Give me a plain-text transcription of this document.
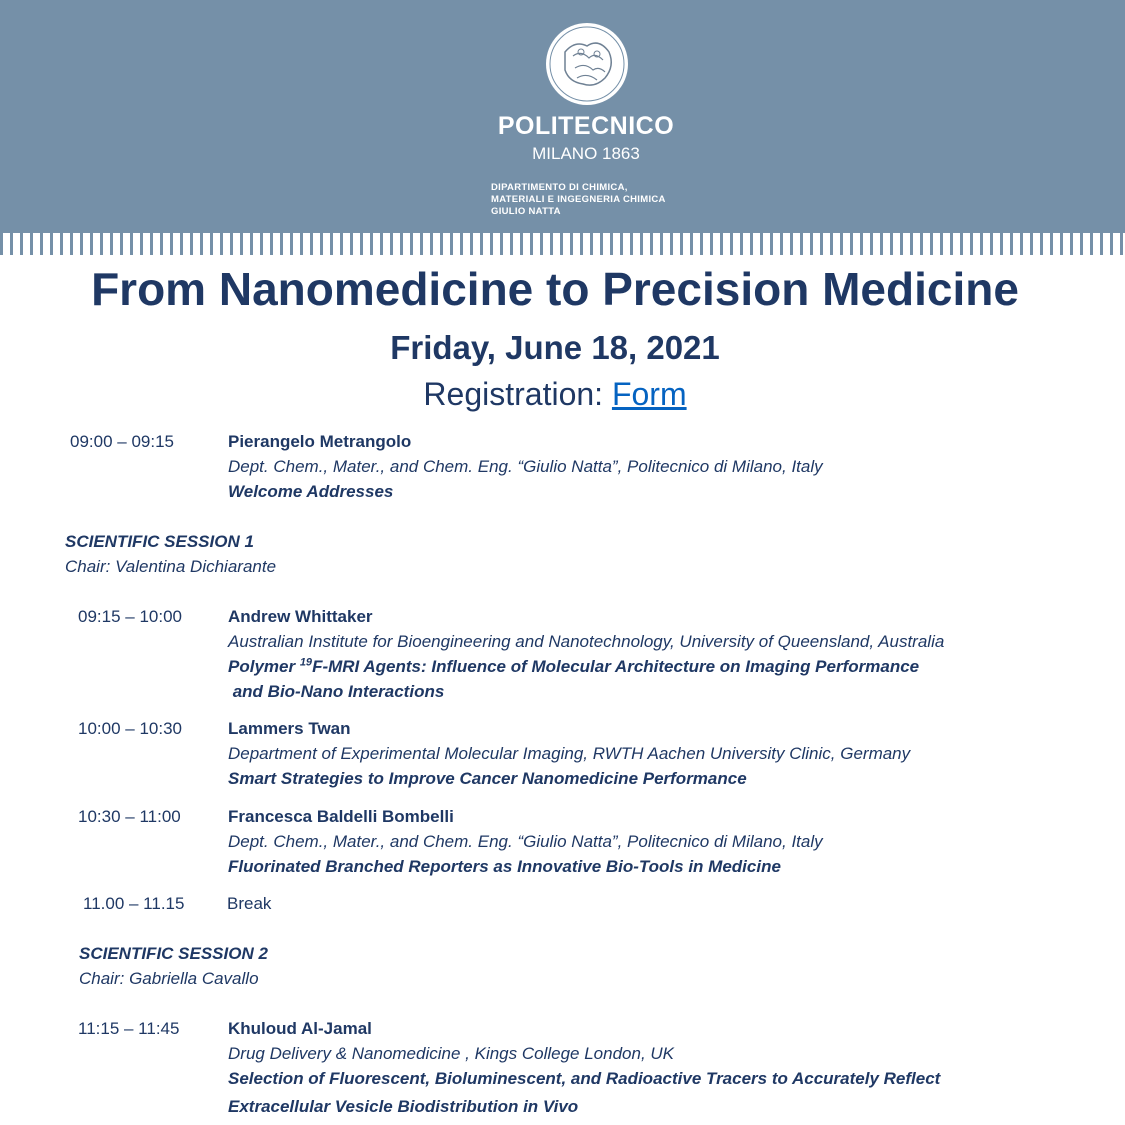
POLITECNICO
MILANO 1863
DIPARTIMENTO DI CHIMICA,
MATERIALI E INGEGNERIA CHIMICA
GIULIO NATTA
From Nanomedicine to Precision Medicine
Friday, June 18, 2021
Registration: Form
09:00 – 09:15	Pierangelo Metrangolo
Dept. Chem., Mater., and Chem. Eng. “Giulio Natta”, Politecnico di Milano, Italy
Welcome Addresses
SCIENTIFIC SESSION 1
Chair: Valentina Dichiarante
09:15 – 10:00	Andrew Whittaker
Australian Institute for Bioengineering and Nanotechnology, University of Queensland, Australia
Polymer $^{19}$F-MRI Agents: Influence of Molecular Architecture on Imaging Performance
and Bio-Nano Interactions
10:00 – 10:30	Lammers Twan
Department of Experimental Molecular Imaging, RWTH Aachen University Clinic, Germany
Smart Strategies to Improve Cancer Nanomedicine Performance
10:30 – 11:00	Francesca Baldelli Bombelli
Dept. Chem., Mater., and Chem. Eng. “Giulio Natta”, Politecnico di Milano, Italy
Fluorinated Branched Reporters as Innovative Bio-Tools in Medicine
11.00 – 11.15	Break
SCIENTIFIC SESSION 2
Chair: Gabriella Cavallo
11:15 – 11:45	Khuloud Al-Jamal
Drug Delivery & Nanomedicine , Kings College London, UK
Selection of Fluorescent, Bioluminescent, and Radioactive Tracers to Accurately Reflect
Extracellular Vesicle Biodistribution in Vivo
